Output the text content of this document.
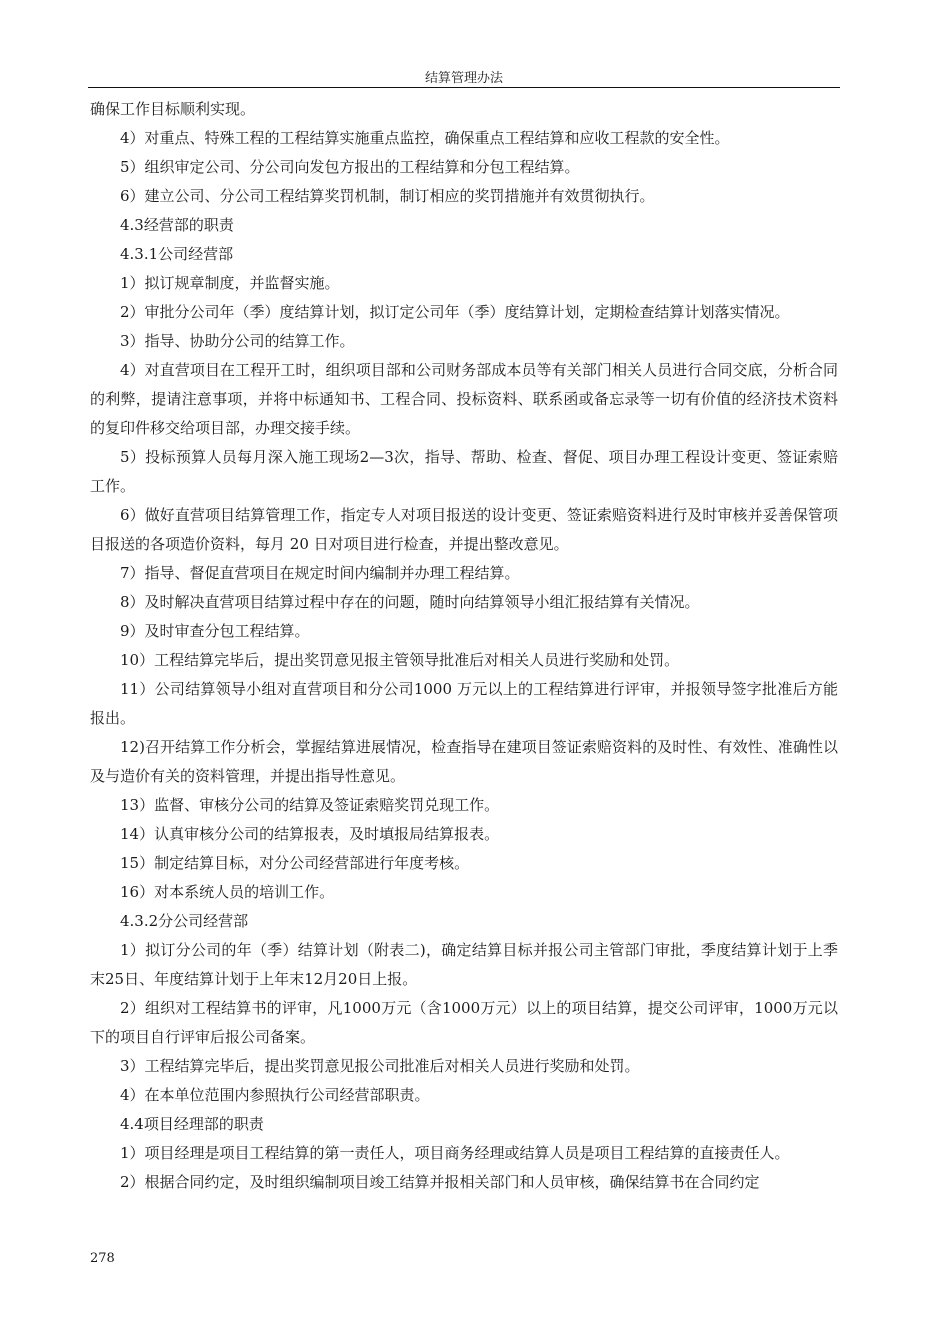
结算管理办法

确保工作目标顺利实现。

4）对重点、特殊工程的工程结算实施重点监控，确保重点工程结算和应收工程款的安全性。

5）组织审定公司、分公司向发包方报出的工程结算和分包工程结算。

6）建立公司、分公司工程结算奖罚机制，制订相应的奖罚措施并有效贯彻执行。

4.3经营部的职责

4.3.1公司经营部

1）拟订规章制度，并监督实施。

2）审批分公司年（季）度结算计划，拟订定公司年（季）度结算计划，定期检查结算计划落实情况。

3）指导、协助分公司的结算工作。

4）对直营项目在工程开工时，组织项目部和公司财务部成本员等有关部门相关人员进行合同交底，分析合同的利弊，提请注意事项，并将中标通知书、工程合同、投标资料、联系函或备忘录等一切有价值的经济技术资料的复印件移交给项目部，办理交接手续。

5）投标预算人员每月深入施工现场2—3次，指导、帮助、检查、督促、项目办理工程设计变更、签证索赔工作。

6）做好直营项目结算管理工作，指定专人对项目报送的设计变更、签证索赔资料进行及时审核并妥善保管项目报送的各项造价资料，每月 20 日对项目进行检查，并提出整改意见。

7）指导、督促直营项目在规定时间内编制并办理工程结算。

8）及时解决直营项目结算过程中存在的问题，随时向结算领导小组汇报结算有关情况。

9）及时审查分包工程结算。

10）工程结算完毕后，提出奖罚意见报主管领导批准后对相关人员进行奖励和处罚。

11）公司结算领导小组对直营项目和分公司1000 万元以上的工程结算进行评审，并报领导签字批准后方能报出。

12)召开结算工作分析会，掌握结算进展情况，检查指导在建项目签证索赔资料的及时性、有效性、准确性以及与造价有关的资料管理，并提出指导性意见。

13）监督、审核分公司的结算及签证索赔奖罚兑现工作。

14）认真审核分公司的结算报表，及时填报局结算报表。

15）制定结算目标，对分公司经营部进行年度考核。

16）对本系统人员的培训工作。

4.3.2分公司经营部

1）拟订分公司的年（季）结算计划（附表二)，确定结算目标并报公司主管部门审批，季度结算计划于上季末25日、年度结算计划于上年末12月20日上报。

2）组织对工程结算书的评审，凡1000万元（含1000万元）以上的项目结算，提交公司评审，1000万元以下的项目自行评审后报公司备案。

3）工程结算完毕后，提出奖罚意见报公司批准后对相关人员进行奖励和处罚。

4）在本单位范围内参照执行公司经营部职责。

4.4项目经理部的职责

1）项目经理是项目工程结算的第一责任人，项目商务经理或结算人员是项目工程结算的直接责任人。

2）根据合同约定，及时组织编制项目竣工结算并报相关部门和人员审核，确保结算书在合同约定

278
